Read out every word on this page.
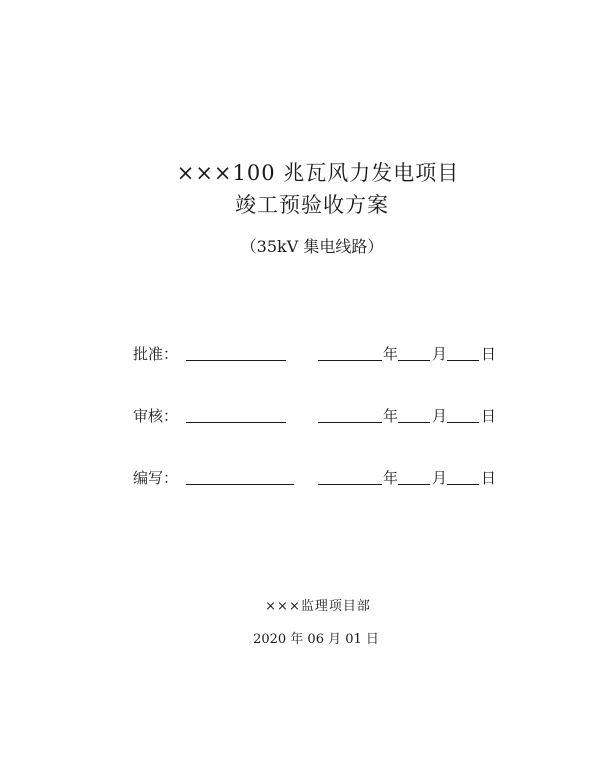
×××100 兆瓦风力发电项目
竣工预验收方案
（35kV 集电线路）
批准：	年 月 日
审核：	年 月 日
编写：	年 月 日
×××监理项目部
2020 年 06 月 01 日
